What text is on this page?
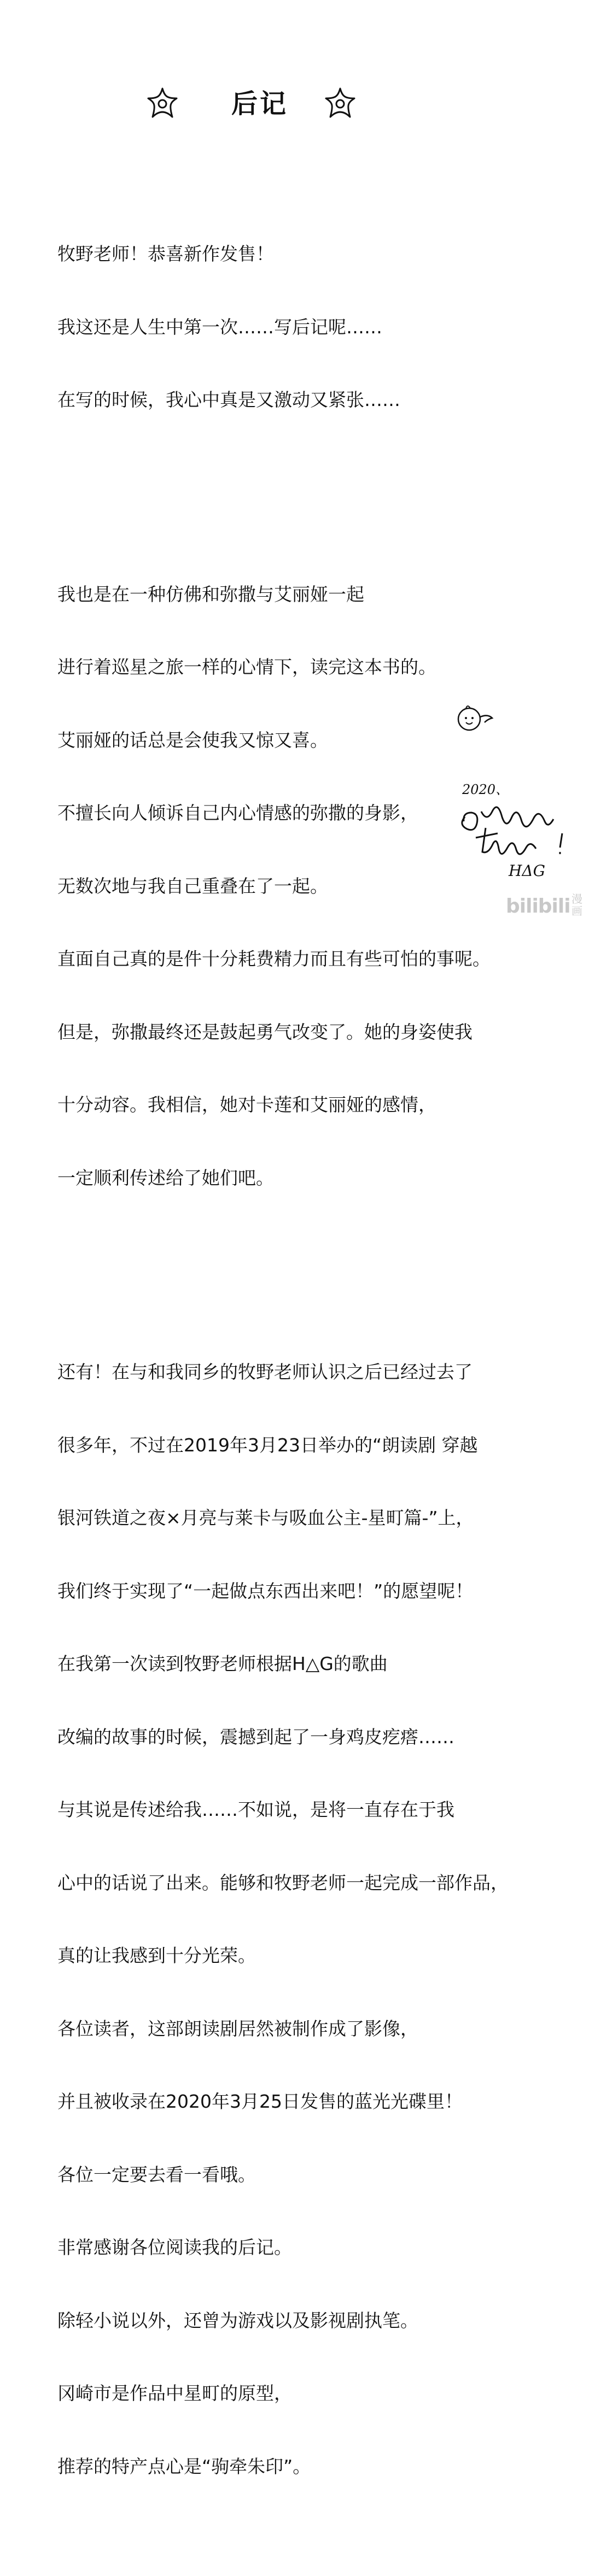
后记

牧野老师！恭喜新作发售！

我这还是人生中第一次……写后记呢……

在写的时候，我心中真是又激动又紧张……

我也是在一种仿佛和弥撒与艾丽娅一起

进行着巡星之旅一样的心情下，读完这本书的。

艾丽娅的话总是会使我又惊又喜。

不擅长向人倾诉自己内心情感的弥撒的身影，

无数次地与我自己重叠在了一起。

直面自己真的是件十分耗费精力而且有些可怕的事呢。

但是，弥撒最终还是鼓起勇气改变了。她的身姿使我

十分动容。我相信，她对卡莲和艾丽娅的感情，

一定顺利传述给了她们吧。

还有！在与和我同乡的牧野老师认识之后已经过去了

很多年，不过在2019年3月23日举办的“朗读剧 穿越

银河铁道之夜×月亮与莱卡与吸血公主-星町篇-”上，

我们终于实现了“一起做点东西出来吧！”的愿望呢！

在我第一次读到牧野老师根据H△G的歌曲

改编的故事的时候，震撼到起了一身鸡皮疙瘩……

与其说是传述给我……不如说，是将一直存在于我

心中的话说了出来。能够和牧野老师一起完成一部作品，

真的让我感到十分光荣。

各位读者，这部朗读剧居然被制作成了影像，

并且被收录在2020年3月25日发售的蓝光光碟里！

各位一定要去看一看哦。

非常感谢各位阅读我的后记。

除轻小说以外，还曾为游戏以及影视剧执笔。

冈崎市是作品中星町的原型，

推荐的特产点心是“驹牵朱印”。

2020、
HΔG
bilibili 漫画
